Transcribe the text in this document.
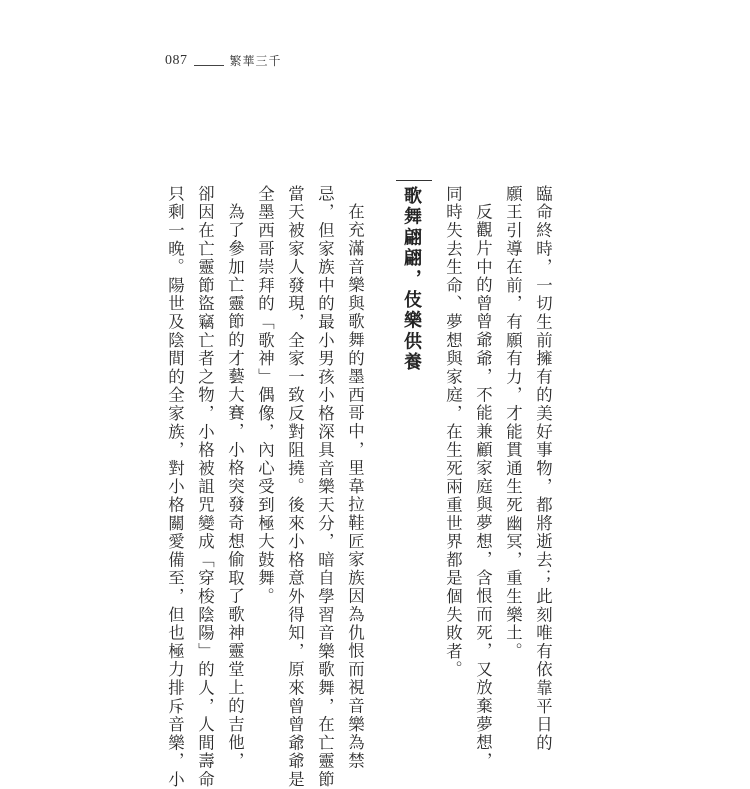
087	繁華三千

臨命終時，一切生前擁有的美好事物，都將逝去；此刻唯有依靠平日的

願王引導在前，有願有力，才能貫通生死幽冥，重生樂土。

反觀片中的曾曾爺爺，不能兼顧家庭與夢想，含恨而死，又放棄夢想，

同時失去生命、夢想與家庭，在生死兩重世界都是個失敗者。

歌舞翩翩，伎樂供養

在充滿音樂與歌舞的墨西哥中，里韋拉鞋匠家族因為仇恨而視音樂為禁

忌，但家族中的最小男孩小格深具音樂天分，暗自學習音樂歌舞，在亡靈節

當天被家人發現，全家一致反對阻撓。後來小格意外得知，原來曾曾爺爺是

全墨西哥崇拜的「歌神」偶像，內心受到極大鼓舞。

為了參加亡靈節的才藝大賽，小格突發奇想偷取了歌神靈堂上的吉他，

卻因在亡靈節盜竊亡者之物，小格被詛咒變成「穿梭陰陽」的人，人間壽命

只剩一晚。陽世及陰間的全家族，對小格關愛備至，但也極力排斥音樂，小
